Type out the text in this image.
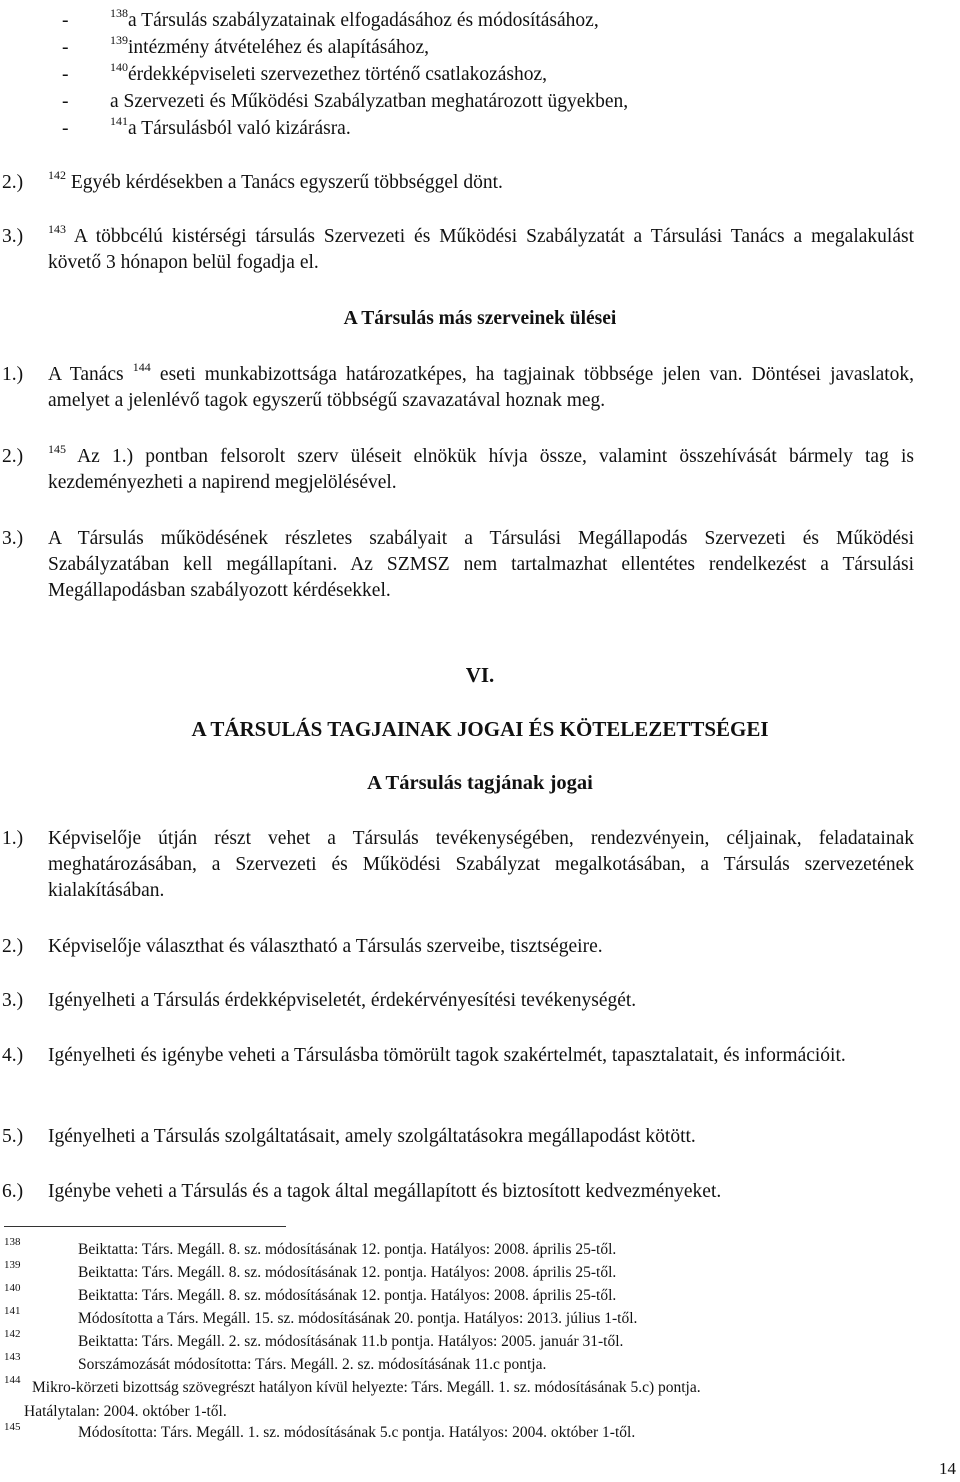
-	$^{138}$a Társulás szabályzatainak elfogadásához és módosításához,
-	$^{139}$intézmény átvételéhez és alapításához,
-	$^{140}$érdekképviseleti szervezethez történő csatlakozáshoz,
- a Szervezeti és Működési Szabályzatban meghatározott ügyekben,
-	$^{141}$a Társulásból való kizárásra.
2.) $^{142}$ Egyéb kérdésekben a Tanács egyszerű többséggel dönt.
3.) $^{143}$ A többcélú kistérségi társulás Szervezeti és Működési Szabályzatát a Társulási Tanács a megalakulást követő 3 hónapon belül fogadja el.
A Társulás más szerveinek ülései
1.) A Tanács $^{144}$ eseti munkabizottsága határozatképes, ha tagjainak többsége jelen van. Döntései javaslatok, amelyet a jelenlévő tagok egyszerű többségű szavazatával hoznak meg.
2.) $^{145}$ Az 1.) pontban felsorolt szerv üléseit elnökük hívja össze, valamint összehívását bármely tag is kezdeményezheti a napirend megjelölésével.
3.) A Társulás működésének részletes szabályait a Társulási Megállapodás Szervezeti és Működési Szabályzatában kell megállapítani. Az SZMSZ nem tartalmazhat ellentétes rendelkezést a Társulási Megállapodásban szabályozott kérdésekkel.
VI.
A TÁRSULÁS TAGJAINAK JOGAI ÉS KÖTELEZETTSÉGEI
A Társulás tagjának jogai
1.) Képviselője útján részt vehet a Társulás tevékenységében, rendezvényein, céljainak, feladatainak meghatározásában, a Szervezeti és Működési Szabályzat megalkotásában, a Társulás szervezetének kialakításában.
2.) Képviselője választhat és választható a Társulás szerveibe, tisztségeire.
3.) Igényelheti a Társulás érdekképviseletét, érdekérvényesítési tevékenységét.
4.) Igényelheti és igénybe veheti a Társulásba tömörült tagok szakértelmét, tapasztalatait, és információit.
5.) Igényelheti a Társulás szolgáltatásait, amely szolgáltatásokra megállapodást kötött.
6.) Igénybe veheti a Társulás és a tagok által megállapított és biztosított kedvezményeket.
138	Beiktatta: Társ. Megáll. 8. sz. módosításának 12. pontja. Hatályos: 2008. április 25-től.
139	Beiktatta: Társ. Megáll. 8. sz. módosításának 12. pontja. Hatályos: 2008. április 25-től.
140	Beiktatta: Társ. Megáll. 8. sz. módosításának 12. pontja. Hatályos: 2008. április 25-től.
141	Módosította a Társ. Megáll. 15. sz. módosításának 20. pontja. Hatályos: 2013. július 1-től.
142	Beiktatta: Társ. Megáll. 2. sz. módosításának 11.b pontja. Hatályos: 2005. január 31-től.
143	Sorszámozását módosította: Társ. Megáll. 2. sz. módosításának 11.c pontja.
144 Mikro-körzeti bizottság szövegrészt hatályon kívül helyezte: Társ. Megáll. 1. sz. módosításának 5.c) pontja.
Hatálytalan: 2004. október 1-től.
145	Módosította: Társ. Megáll. 1. sz. módosításának 5.c pontja. Hatályos: 2004. október 1-től.
14
